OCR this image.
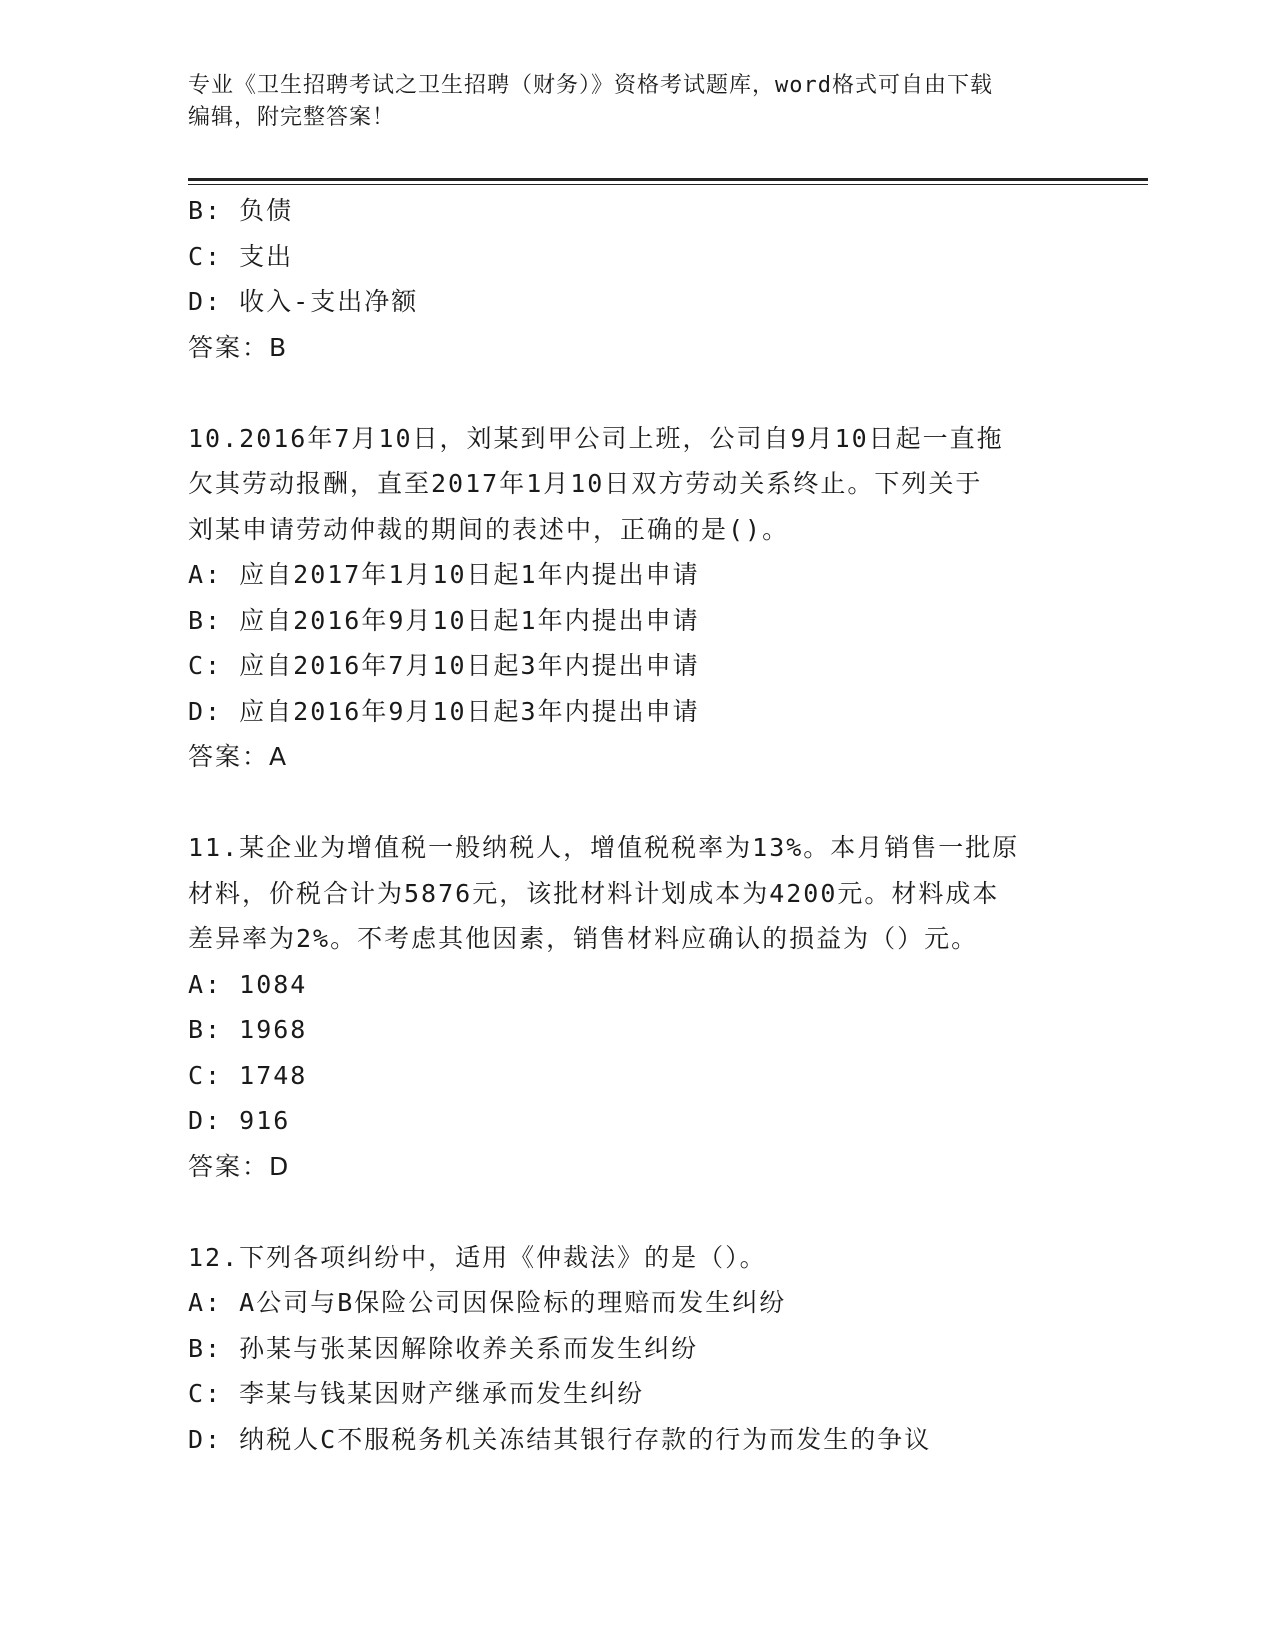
专业《卫生招聘考试之卫生招聘（财务）》资格考试题库，word格式可自由下载
编辑，附完整答案！
B: 负债
C: 支出
D: 收入-支出净额
答案：B
10.2016年7月10日，刘某到甲公司上班，公司自9月10日起一直拖
欠其劳动报酬，直至2017年1月10日双方劳动关系终止。下列关于
刘某申请劳动仲裁的期间的表述中，正确的是()。
A: 应自2017年1月10日起1年内提出申请
B: 应自2016年9月10日起1年内提出申请
C: 应自2016年7月10日起3年内提出申请
D: 应自2016年9月10日起3年内提出申请
答案：A
11.某企业为增值税一般纳税人，增值税税率为13%。本月销售一批原
材料，价税合计为5876元，该批材料计划成本为4200元。材料成本
差异率为2%。不考虑其他因素，销售材料应确认的损益为（）元。
A: 1084
B: 1968
C: 1748
D: 916
答案：D
12.下列各项纠纷中，适用《仲裁法》的是（）。
A: A公司与B保险公司因保险标的理赔而发生纠纷
B: 孙某与张某因解除收养关系而发生纠纷
C: 李某与钱某因财产继承而发生纠纷
D: 纳税人C不服税务机关冻结其银行存款的行为而发生的争议
